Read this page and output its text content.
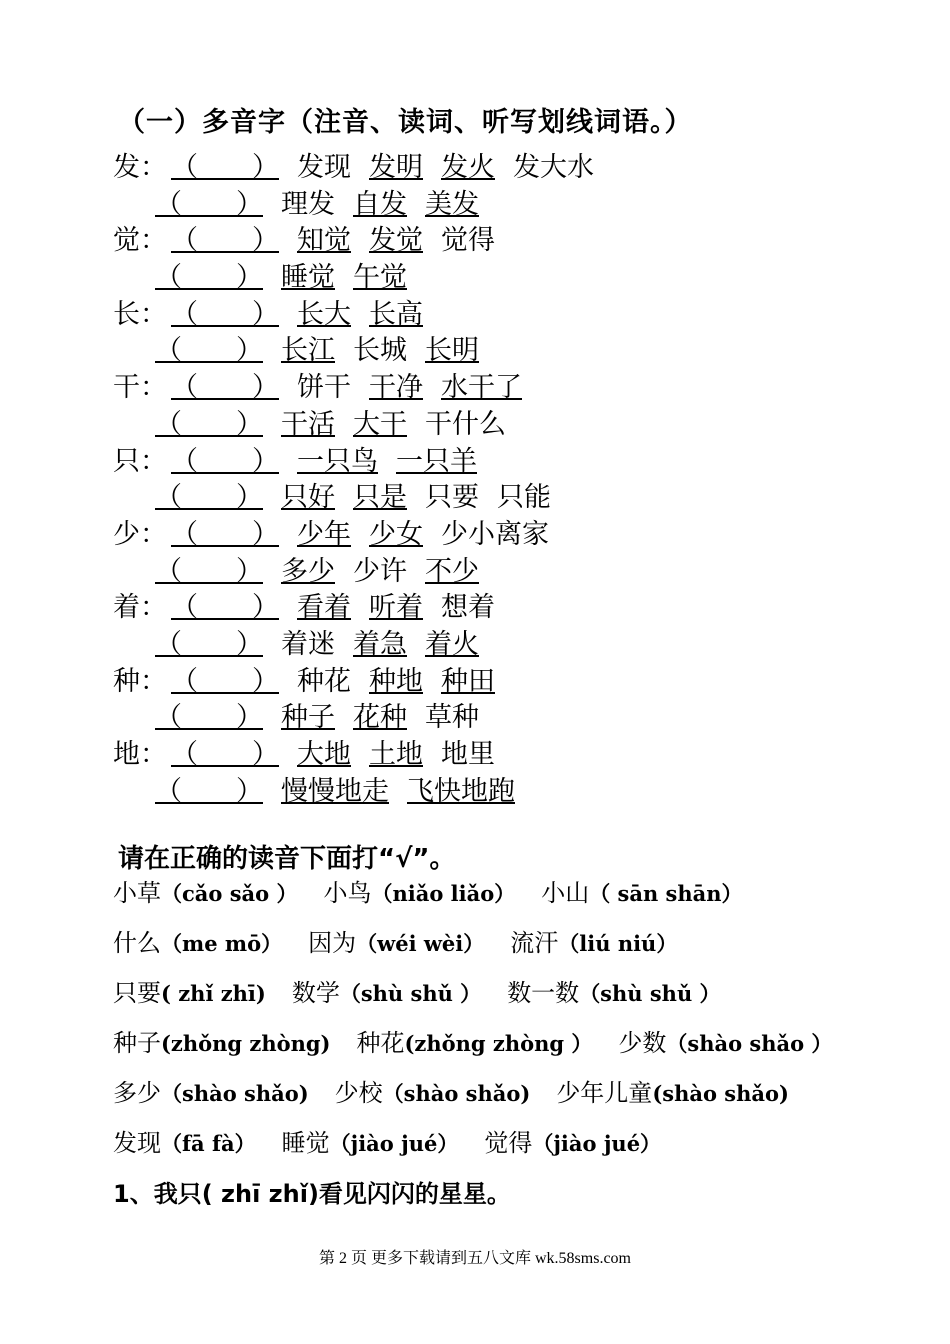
（一）多音字（注音、读词、听写划线词语。）
发： （　　） 发现 发明 发火 发大水
（　　） 理发 自发 美发
觉： （　　） 知觉 发觉 觉得
（　　） 睡觉 午觉
长： （　　） 长大 长高
（　　） 长江 长城 长明
干： （　　） 饼干 干净 水干了
（　　） 干活 大干 干什么
只： （　　） 一只鸟 一只羊
（　　） 只好 只是 只要 只能
少： （　　） 少年 少女 少小离家
（　　） 多少 少许 不少
着： （　　） 看着 听着 想着
（　　） 着迷 着急 着火
种： （　　） 种花 种地 种田
（　　） 种子 花种 草种
地： （　　） 大地 土地 地里
（　　） 慢慢地走 飞快地跑
请在正确的读音下面打“√”。
小草（cǎo sǎo ） 小鸟（niǎo liǎo） 小山（ sān shān）
什么（me mō） 因为（wéi wèi） 流汗（liú niú）
只要( zhǐ zhī) 数学（shù shǔ ） 数一数（shù shǔ ）
种子(zhǒng zhòng) 种花(zhǒng zhòng ） 少数（shào shǎo ）
多少（shào shǎo) 少校（shào shǎo) 少年儿童(shào shǎo)
发现（fā fà） 睡觉（jiào jué） 觉得（jiào jué）
1、我只( zhī zhǐ)看见闪闪的星星。
第 2 页 更多下载请到五八文库 wk.58sms.com
